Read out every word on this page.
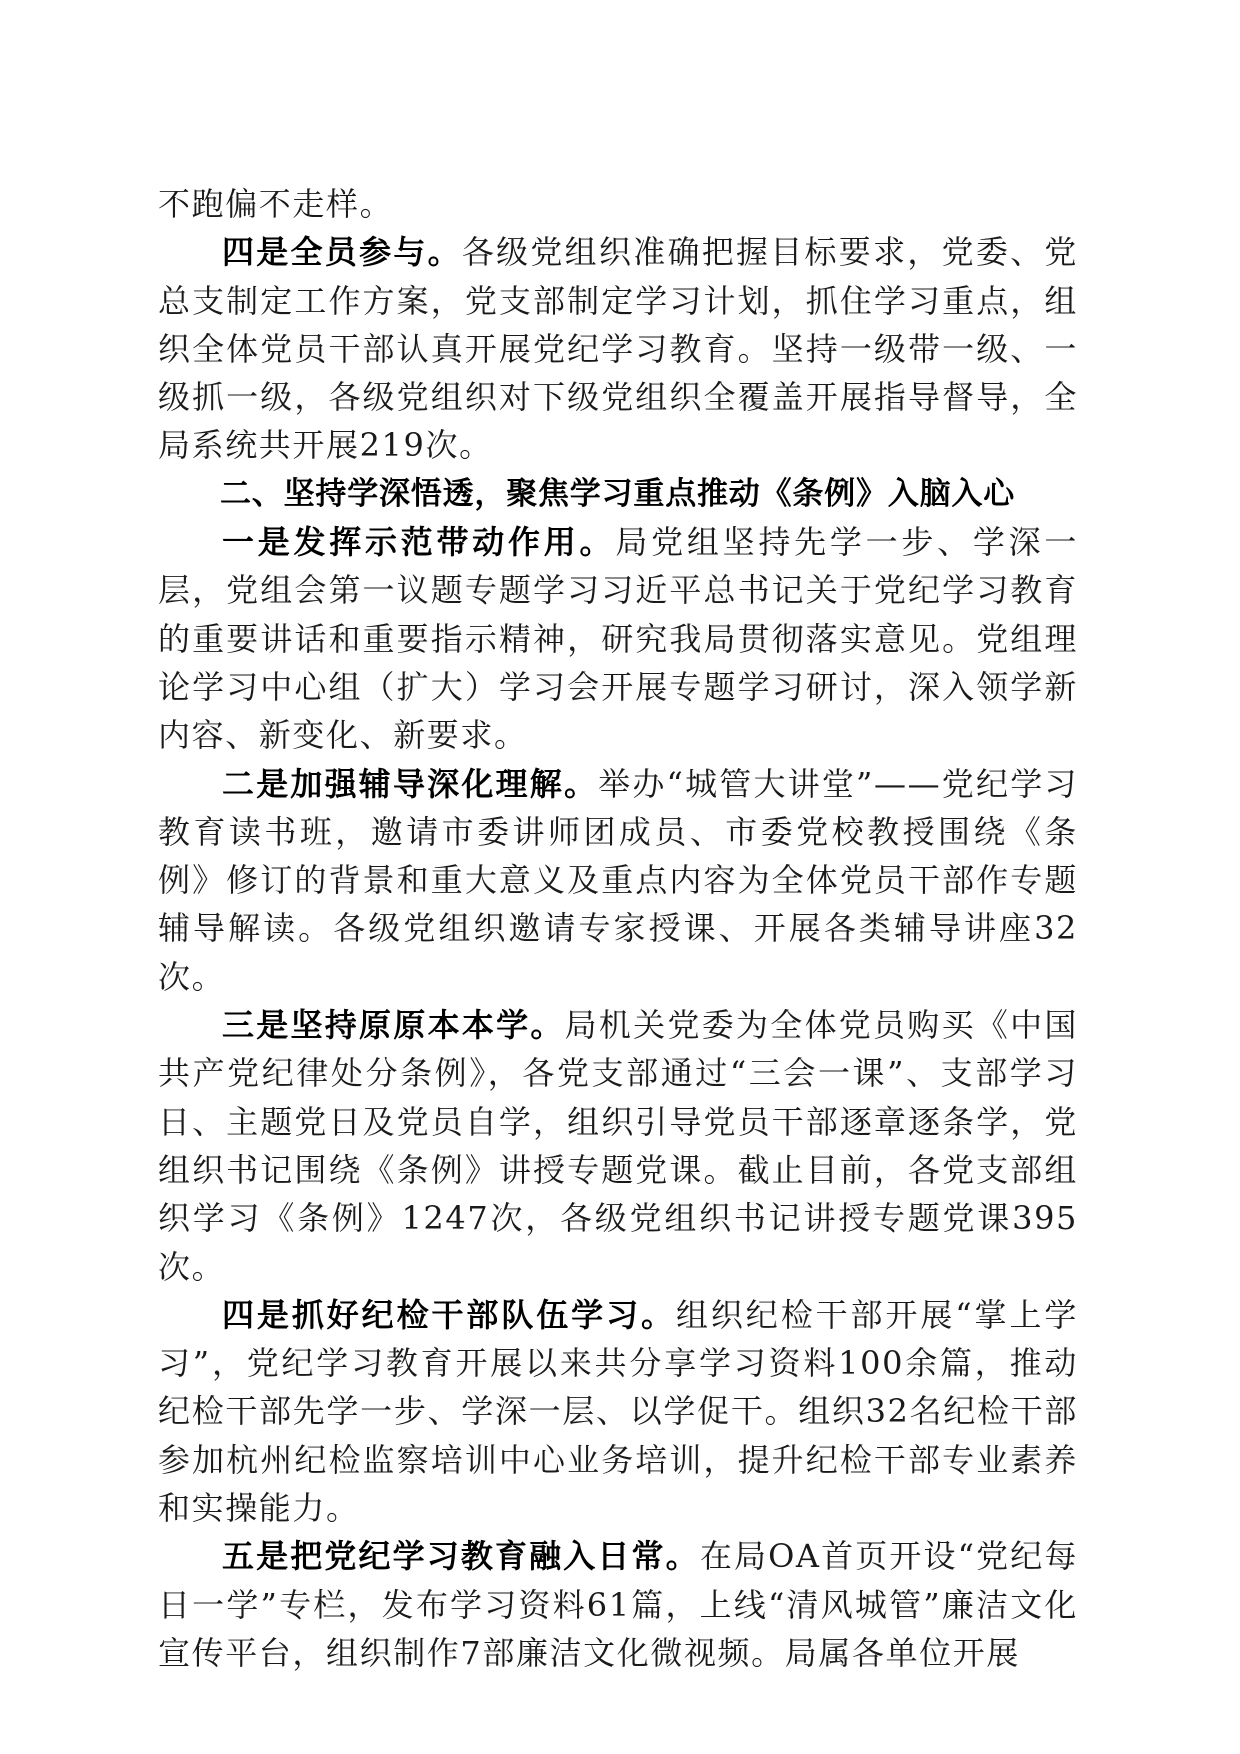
不跑偏不走样。

四是全员参与。各级党组织准确把握目标要求，党委、党总支制定工作方案，党支部制定学习计划，抓住学习重点，组织全体党员干部认真开展党纪学习教育。坚持一级带一级、一级抓一级，各级党组织对下级党组织全覆盖开展指导督导，全局系统共开展219次。

二、坚持学深悟透，聚焦学习重点推动《条例》入脑入心

一是发挥示范带动作用。局党组坚持先学一步、学深一层，党组会第一议题专题学习习近平总书记关于党纪学习教育的重要讲话和重要指示精神，研究我局贯彻落实意见。党组理论学习中心组（扩大）学习会开展专题学习研讨，深入领学新内容、新变化、新要求。

二是加强辅导深化理解。举办“城管大讲堂”——党纪学习教育读书班，邀请市委讲师团成员、市委党校教授围绕《条例》修订的背景和重大意义及重点内容为全体党员干部作专题辅导解读。各级党组织邀请专家授课、开展各类辅导讲座32次。

三是坚持原原本本学。局机关党委为全体党员购买《中国共产党纪律处分条例》，各党支部通过“三会一课”、支部学习日、主题党日及党员自学，组织引导党员干部逐章逐条学，党组织书记围绕《条例》讲授专题党课。截止目前，各党支部组织学习《条例》1247次，各级党组织书记讲授专题党课395次。

四是抓好纪检干部队伍学习。组织纪检干部开展“掌上学习”，党纪学习教育开展以来共分享学习资料100余篇，推动纪检干部先学一步、学深一层、以学促干。组织32名纪检干部参加杭州纪检监察培训中心业务培训，提升纪检干部专业素养和实操能力。

五是把党纪学习教育融入日常。在局OA首页开设“党纪每日一学”专栏，发布学习资料61篇，上线“清风城管”廉洁文化宣传平台，组织制作7部廉洁文化微视频。局属各单位开展
